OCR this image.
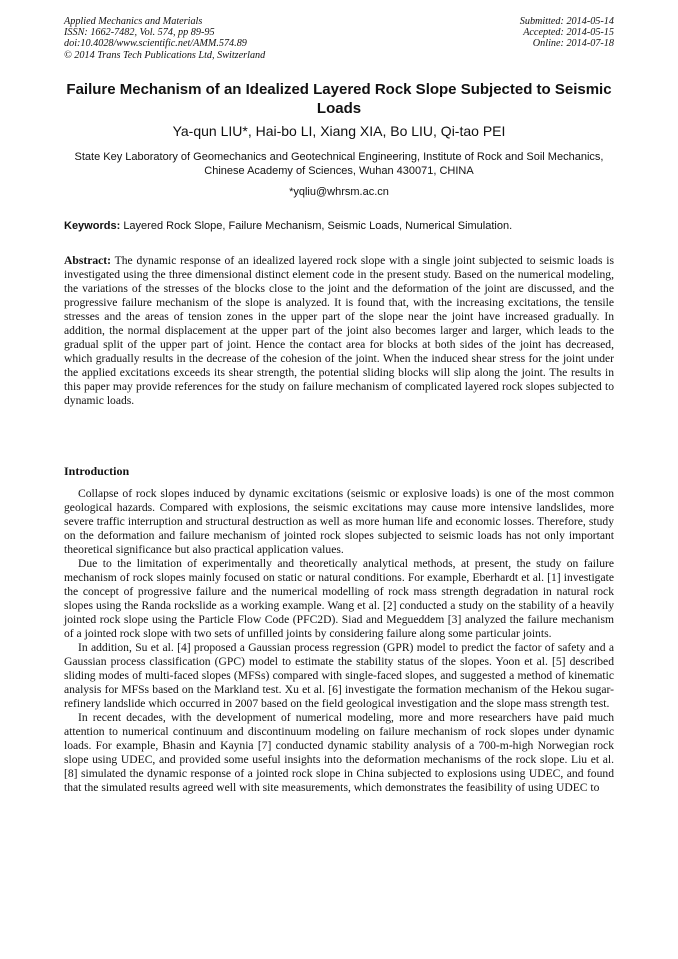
Applied Mechanics and Materials
ISSN: 1662-7482, Vol. 574, pp 89-95
doi:10.4028/www.scientific.net/AMM.574.89
© 2014 Trans Tech Publications Ltd, Switzerland
Submitted: 2014-05-14
Accepted: 2014-05-15
Online: 2014-07-18
Failure Mechanism of an Idealized Layered Rock Slope Subjected to Seismic Loads
Ya-qun LIU*, Hai-bo LI, Xiang XIA, Bo LIU, Qi-tao PEI
State Key Laboratory of Geomechanics and Geotechnical Engineering, Institute of Rock and Soil Mechanics, Chinese Academy of Sciences, Wuhan 430071, CHINA
*yqliu@whrsm.ac.cn
Keywords: Layered Rock Slope, Failure Mechanism, Seismic Loads, Numerical Simulation.
Abstract: The dynamic response of an idealized layered rock slope with a single joint subjected to seismic loads is investigated using the three dimensional distinct element code in the present study. Based on the numerical modeling, the variations of the stresses of the blocks close to the joint and the deformation of the joint are discussed, and the progressive failure mechanism of the slope is analyzed. It is found that, with the increasing excitations, the tensile stresses and the areas of tension zones in the upper part of the slope near the joint have increased gradually. In addition, the normal displacement at the upper part of the joint also becomes larger and larger, which leads to the gradual split of the upper part of joint. Hence the contact area for blocks at both sides of the joint has decreased, which gradually results in the decrease of the cohesion of the joint. When the induced shear stress for the joint under the applied excitations exceeds its shear strength, the potential sliding blocks will slip along the joint. The results in this paper may provide references for the study on failure mechanism of complicated layered rock slopes subjected to dynamic loads.
Introduction

Collapse of rock slopes induced by dynamic excitations (seismic or explosive loads) is one of the most common geological hazards. Compared with explosions, the seismic excitations may cause more intensive landslides, more severe traffic interruption and structural destruction as well as more human life and economic losses. Therefore, study on the deformation and failure mechanism of jointed rock slopes subjected to seismic loads has not only important theoretical significance but also practical application values.

Due to the limitation of experimentally and theoretically analytical methods, at present, the study on failure mechanism of rock slopes mainly focused on static or natural conditions. For example, Eberhardt et al. [1] investigate the concept of progressive failure and the numerical modelling of rock mass strength degradation in natural rock slopes using the Randa rockslide as a working example. Wang et al. [2] conducted a study on the stability of a heavily jointed rock slope using the Particle Flow Code (PFC2D). Siad and Megueddem [3] analyzed the failure mechanism of a jointed rock slope with two sets of unfilled joints by considering failure along some particular joints.

In addition, Su et al. [4] proposed a Gaussian process regression (GPR) model to predict the factor of safety and a Gaussian process classification (GPC) model to estimate the stability status of the slopes. Yoon et al. [5] described sliding modes of multi-faced slopes (MFSs) compared with single-faced slopes, and suggested a method of kinematic analysis for MFSs based on the Markland test. Xu et al. [6] investigate the formation mechanism of the Hekou sugar-refinery landslide which occurred in 2007 based on the field geological investigation and the slope mass strength test.

In recent decades, with the development of numerical modeling, more and more researchers have paid much attention to numerical continuum and discontinuum modeling on failure mechanism of rock slopes under dynamic loads. For example, Bhasin and Kaynia [7] conducted dynamic stability analysis of a 700-m-high Norwegian rock slope using UDEC, and provided some useful insights into the deformation mechanisms of the rock slope. Liu et al. [8] simulated the dynamic response of a jointed rock slope in China subjected to explosions using UDEC, and found that the simulated results agreed well with site measurements, which demonstrates the feasibility of using UDEC to
